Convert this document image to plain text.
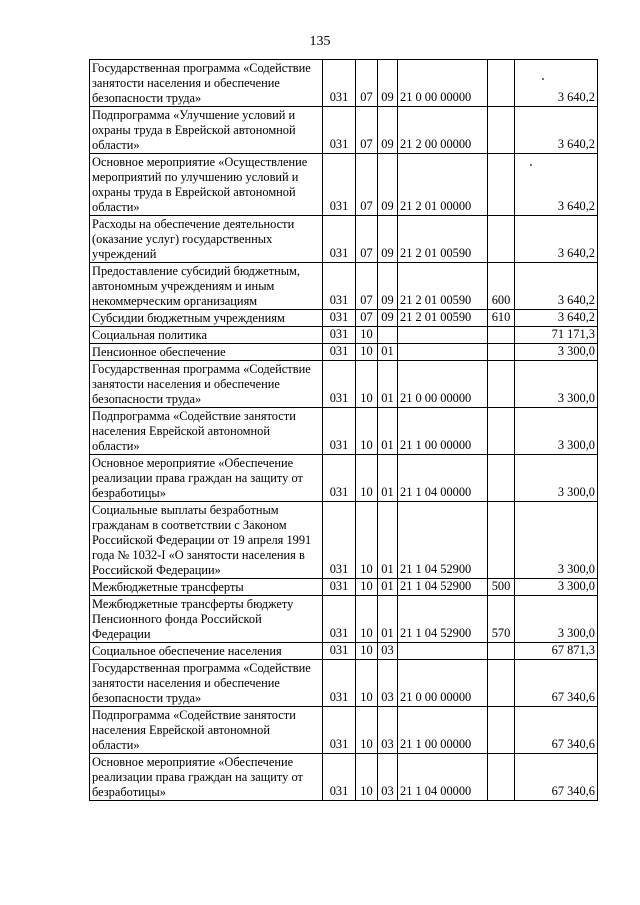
135
Государственная программа «Содействие занятости населения и обеспечение безопасности труда»	031	07	09	21 0 00 00000		3 640,2
Подпрограмма «Улучшение условий и охраны труда в Еврейской автономной области»	031	07	09	21 2 00 00000		3 640,2
Основное мероприятие «Осуществление мероприятий по улучшению условий и охраны труда в Еврейской автономной области»	031	07	09	21 2 01 00000		3 640,2
Расходы на обеспечение деятельности (оказание услуг) государственных учреждений	031	07	09	21 2 01 00590		3 640,2
Предоставление субсидий бюджетным, автономным учреждениям и иным некоммерческим организациям	031	07	09	21 2 01 00590	600	3 640,2
Субсидии бюджетным учреждениям	031	07	09	21 2 01 00590	610	3 640,2
Социальная политика	031	10				71 171,3
Пенсионное обеспечение	031	10	01			3 300,0
Государственная программа «Содействие занятости населения и обеспечение безопасности труда»	031	10	01	21 0 00 00000		3 300,0
Подпрограмма «Содействие занятости населения Еврейской автономной области»	031	10	01	21 1 00 00000		3 300,0
Основное мероприятие «Обеспечение реализации права граждан на защиту от безработицы»	031	10	01	21 1 04 00000		3 300,0
Социальные выплаты безработным гражданам в соответствии с Законом Российской Федерации от 19 апреля 1991 года № 1032-I «О занятости населения в Российской Федерации»	031	10	01	21 1 04 52900		3 300,0
Межбюджетные трансферты	031	10	01	21 1 04 52900	500	3 300,0
Межбюджетные трансферты бюджету Пенсионного фонда Российской Федерации	031	10	01	21 1 04 52900	570	3 300,0
Социальное обеспечение населения	031	10	03			67 871,3
Государственная программа «Содействие занятости населения и обеспечение безопасности труда»	031	10	03	21 0 00 00000		67 340,6
Подпрограмма «Содействие занятости населения Еврейской автономной области»	031	10	03	21 1 00 00000		67 340,6
Основное мероприятие «Обеспечение реализации права граждан на защиту от безработицы»	031	10	03	21 1 04 00000		67 340,6
